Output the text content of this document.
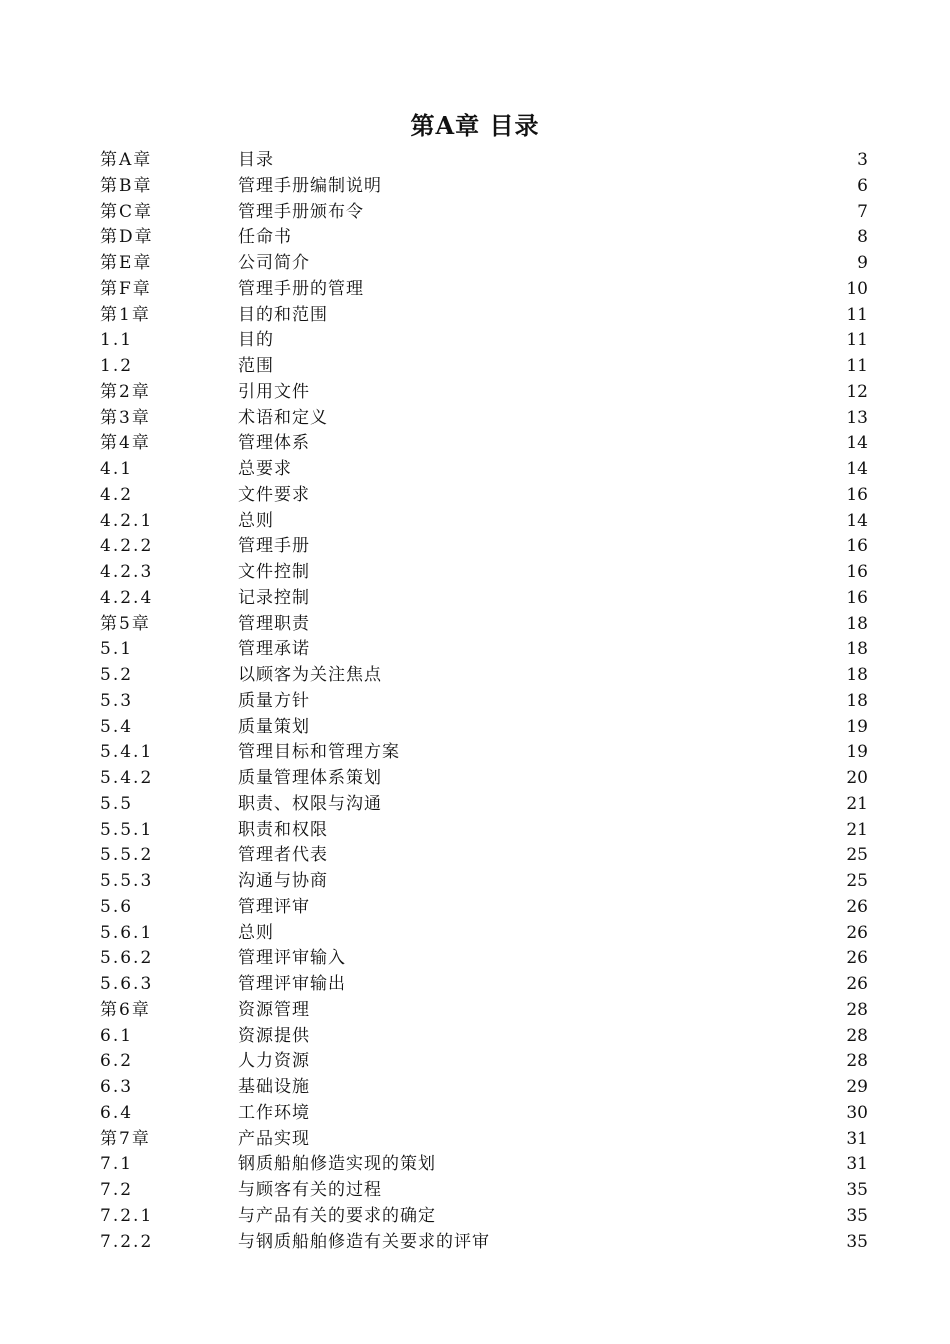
第A章 目录
第A章	目录	3
第B章	管理手册编制说明	6
第C章	管理手册颁布令	7
第D章	任命书	8
第E章	公司简介	9
第F章	管理手册的管理	10
第1章	目的和范围	11
1.1	目的	11
1.2	范围	11
第2章	引用文件	12
第3章	术语和定义	13
第4章	管理体系	14
4.1	总要求	14
4.2	文件要求	16
4.2.1	总则	14
4.2.2	管理手册	16
4.2.3	文件控制	16
4.2.4	记录控制	16
第5章	管理职责	18
5.1	管理承诺	18
5.2	以顾客为关注焦点	18
5.3	质量方针	18
5.4	质量策划	19
5.4.1	管理目标和管理方案	19
5.4.2	质量管理体系策划	20
5.5	职责、权限与沟通	21
5.5.1	职责和权限	21
5.5.2	管理者代表	25
5.5.3	沟通与协商	25
5.6	管理评审	26
5.6.1	总则	26
5.6.2	管理评审输入	26
5.6.3	管理评审输出	26
第6章	资源管理	28
6.1	资源提供	28
6.2	人力资源	28
6.3	基础设施	29
6.4	工作环境	30
第7章	产品实现	31
7.1	钢质船舶修造实现的策划	31
7.2	与顾客有关的过程	35
7.2.1	与产品有关的要求的确定	35
7.2.2	与钢质船舶修造有关要求的评审	35
